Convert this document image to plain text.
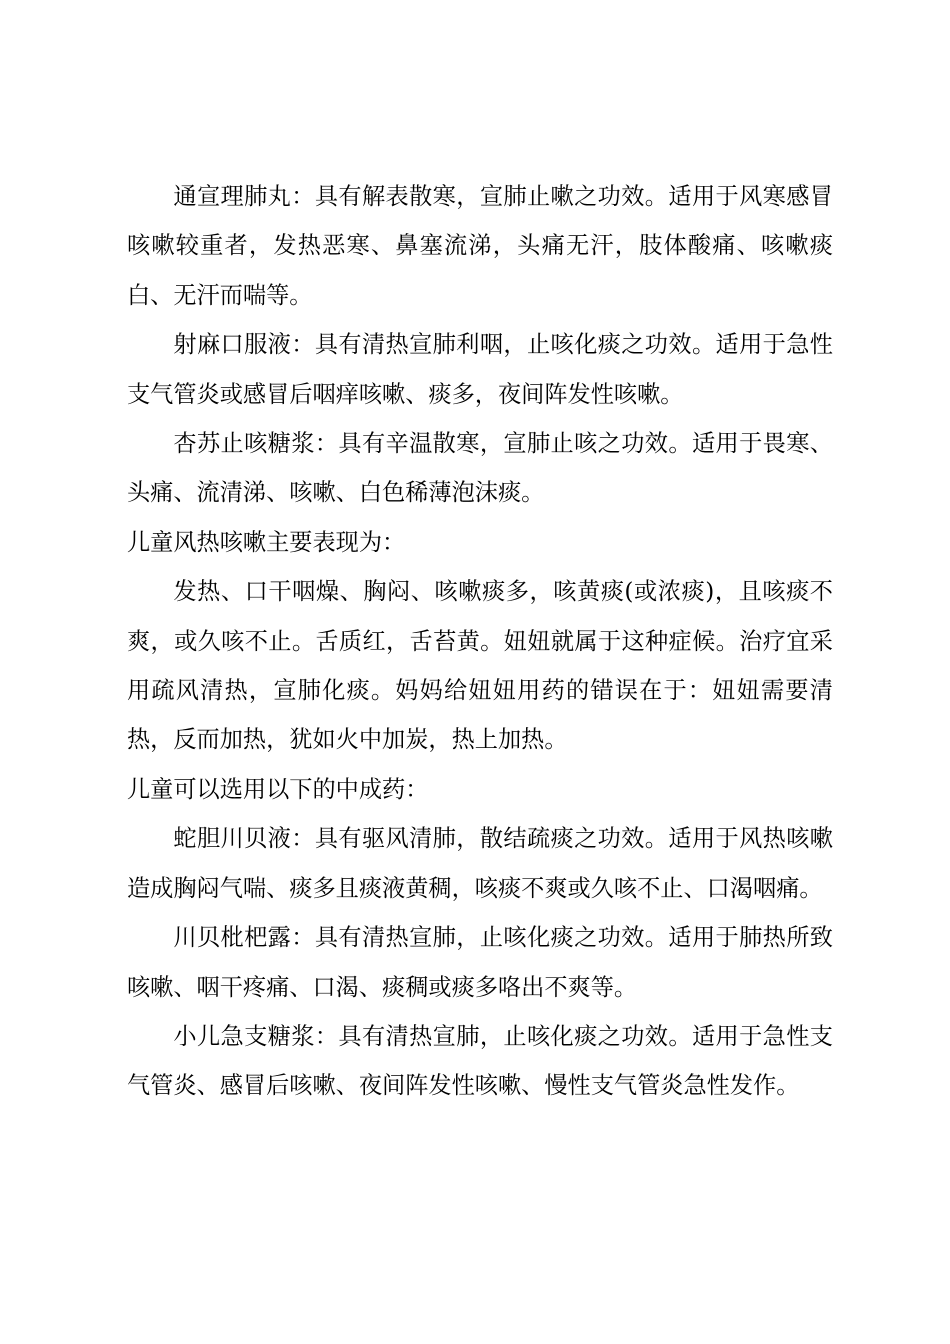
通宣理肺丸：具有解表散寒，宣肺止嗽之功效。适用于风寒感冒咳嗽较重者，发热恶寒、鼻塞流涕，头痛无汗，肢体酸痛、咳嗽痰白、无汗而喘等。

射麻口服液：具有清热宣肺利咽，止咳化痰之功效。适用于急性支气管炎或感冒后咽痒咳嗽、痰多，夜间阵发性咳嗽。

杏苏止咳糖浆：具有辛温散寒，宣肺止咳之功效。适用于畏寒、头痛、流清涕、咳嗽、白色稀薄泡沫痰。

儿童风热咳嗽主要表现为：

发热、口干咽燥、胸闷、咳嗽痰多，咳黄痰(或浓痰)，且咳痰不爽，或久咳不止。舌质红，舌苔黄。妞妞就属于这种症候。治疗宜采用疏风清热，宣肺化痰。妈妈给妞妞用药的错误在于：妞妞需要清热，反而加热，犹如火中加炭，热上加热。

儿童可以选用以下的中成药：

蛇胆川贝液：具有驱风清肺，散结疏痰之功效。适用于风热咳嗽造成胸闷气喘、痰多且痰液黄稠，咳痰不爽或久咳不止、口渴咽痛。

川贝枇杷露：具有清热宣肺，止咳化痰之功效。适用于肺热所致咳嗽、咽干疼痛、口渴、痰稠或痰多咯出不爽等。

小儿急支糖浆：具有清热宣肺，止咳化痰之功效。适用于急性支气管炎、感冒后咳嗽、夜间阵发性咳嗽、慢性支气管炎急性发作。
